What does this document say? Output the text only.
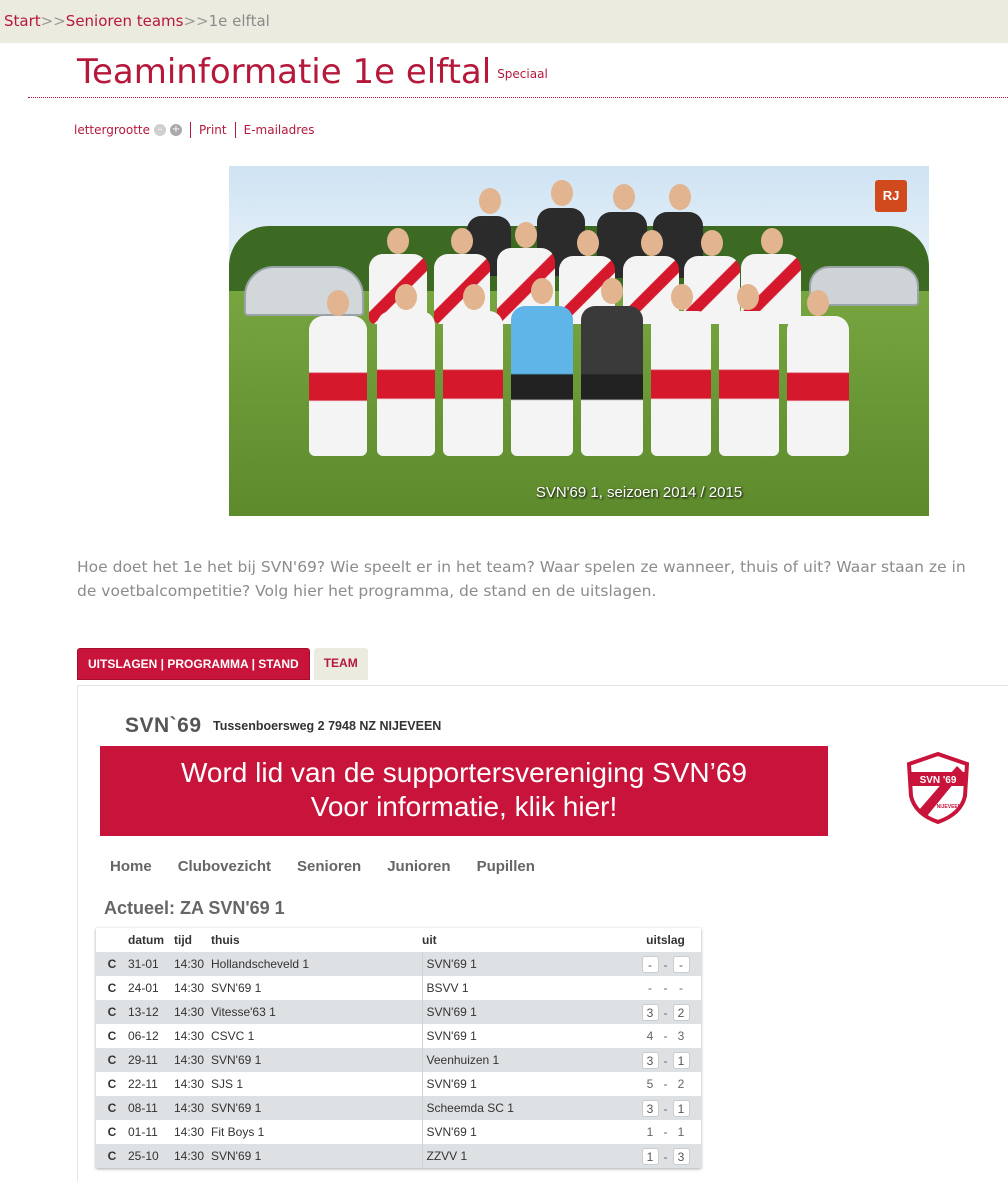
Start>>Senioren teams>>1e elftal
Teaminformatie 1e elftal Speciaal
lettergrootte – + Print E-mailadres
RJ
SVN'69 1, seizoen 2014 / 2015

Hoe doet het 1e het bij SVN'69? Wie speelt er in het team? Waar spelen ze wanneer, thuis of uit? Waar staan ze in de voetbalcompetitie? Volg hier het programma, de stand en de uitslagen.

UITSLAGEN | PROGRAMMA | STAND	TEAM
SVN`69 Tussenboersweg 2 7948 NZ NIJEVEEN
Word lid van de supportersvereniging SVN’69
Voor informatie, klik hier!
SVN '69
NIJEVEEN
Home Clubovezicht Senioren Junioren Pupillen
Actueel: ZA SVN'69 1
	datum	tijd	thuis	uit	uitslag
C	31-01	14:30	Hollandscheveld 1	SVN'69 1	- - -
C	24-01	14:30	SVN'69 1	BSVV 1	- - -
C	13-12	14:30	Vitesse'63 1	SVN'69 1	3 - 2
C	06-12	14:30	CSVC 1	SVN'69 1	4 - 3
C	29-11	14:30	SVN'69 1	Veenhuizen 1	3 - 1
C	22-11	14:30	SJS 1	SVN'69 1	5 - 2
C	08-11	14:30	SVN'69 1	Scheemda SC 1	3 - 1
C	01-11	14:30	Fit Boys 1	SVN'69 1	1 - 1
C	25-10	14:30	SVN'69 1	ZZVV 1	1 - 3
